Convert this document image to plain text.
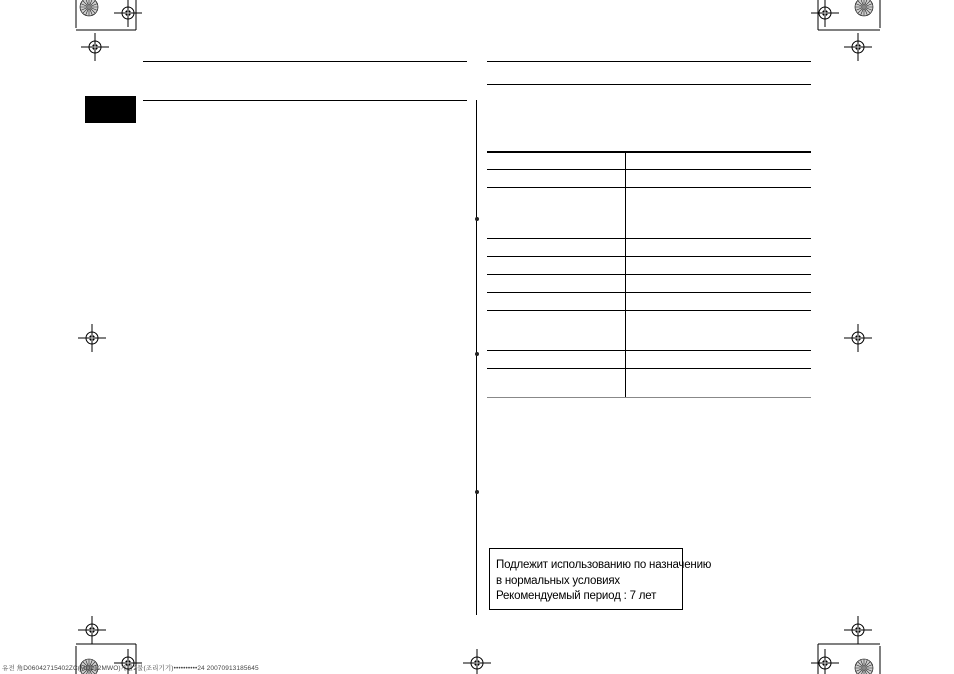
Подлежит использованию по назначению
в нормальных условиях
Рекомендуемый период : 7 лет
유전 角D06042715402ZC(MD212MWO)개발2불(조리기기)••••••••••24 20070913185645
